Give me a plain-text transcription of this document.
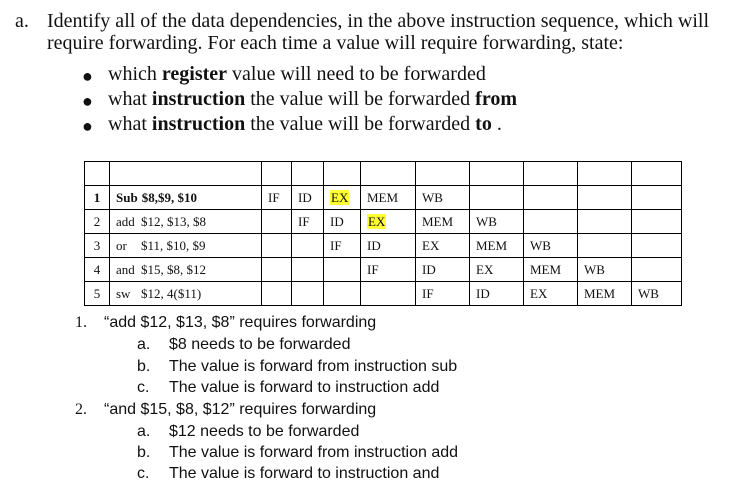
a. Identify all of the data dependencies, in the above instruction sequence, which will
require forwarding. For each time a value will require forwarding, state:
● which register value will need to be forwarded
● what instruction the value will be forwarded from
● what instruction the value will be forwarded to .

1	Sub $8,$9, $10	IF	ID	EX	MEM	WB				
2	add $12, $13, $8		IF	ID	EX	MEM	WB			
3	or $11, $10, $9			IF	ID	EX	MEM	WB		
4	and $15, $8, $12				IF	ID	EX	MEM	WB	
5	sw $12, 4($11)					IF	ID	EX	MEM	WB
1. “add $12, $13, $8” requires forwarding
a. $8 needs to be forwarded
b. The value is forward from instruction sub
c. The value is forward to instruction add
2. “and $15, $8, $12” requires forwarding
a. $12 needs to be forwarded
b. The value is forward from instruction add
c. The value is forward to instruction and
